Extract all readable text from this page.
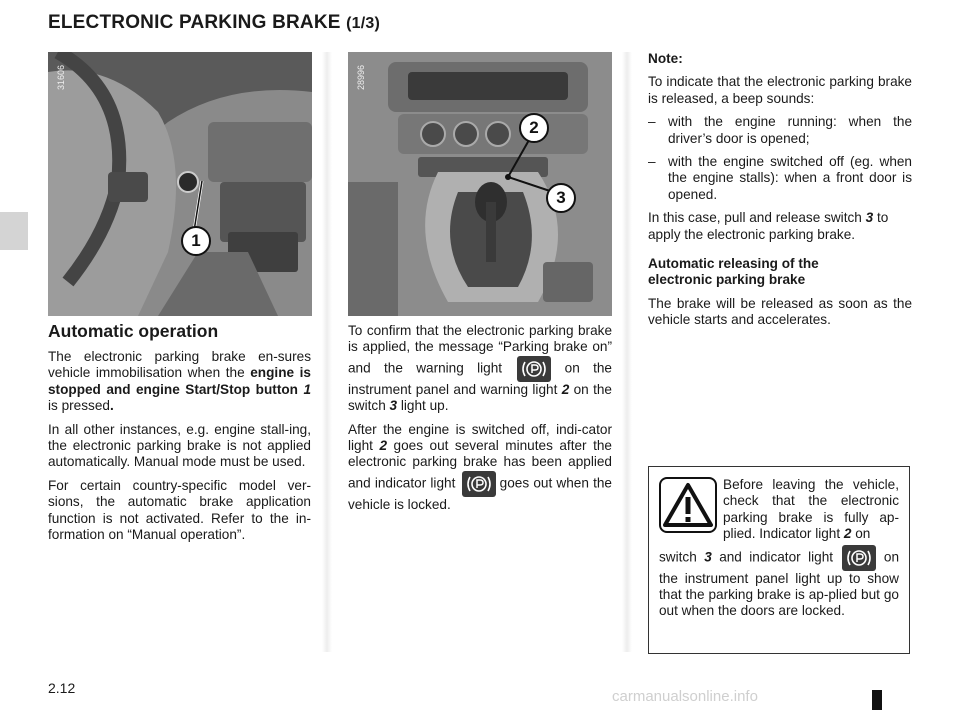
ELECTRONIC PARKING BRAKE (1/3)
31606
1
28996
2
3
Automatic operation

The electronic parking brake en-sures vehicle immobilisation when the engine is stopped and engine Start/Stop button 1 is pressed.

In all other instances, e.g. engine stall-ing, the electronic parking brake is not applied automatically. Manual mode must be used.

For certain country-specific model ver-sions, the automatic brake application function is not activated. Refer to the in-formation on “Manual operation”.

To confirm that the electronic parking brake is applied, the message “Parking brake on” and the warning light	on the instrument panel and warning light 2 on the switch 3 light up.

After the engine is switched off, indi-cator light 2 goes out several minutes after the electronic parking brake has been applied and indicator light	goes out when the vehicle is locked.

Note:

To indicate that the electronic parking brake is released, a beep sounds:

– with the engine running: when the driver’s door is opened;
– with the engine switched off (eg. when the engine stalls): when a front door is opened.

In this case, pull and release switch 3 to apply the electronic parking brake.

Automatic releasing of the electronic parking brake

The brake will be released as soon as the vehicle starts and accelerates.

Before leaving the vehicle, check that the electronic parking brake is fully ap-plied. Indicator light 2 on
switch 3 and indicator light	on the instrument panel light up to show that the parking brake is ap-plied but go out when the doors are locked.
2.12	carmanualsonline.info
